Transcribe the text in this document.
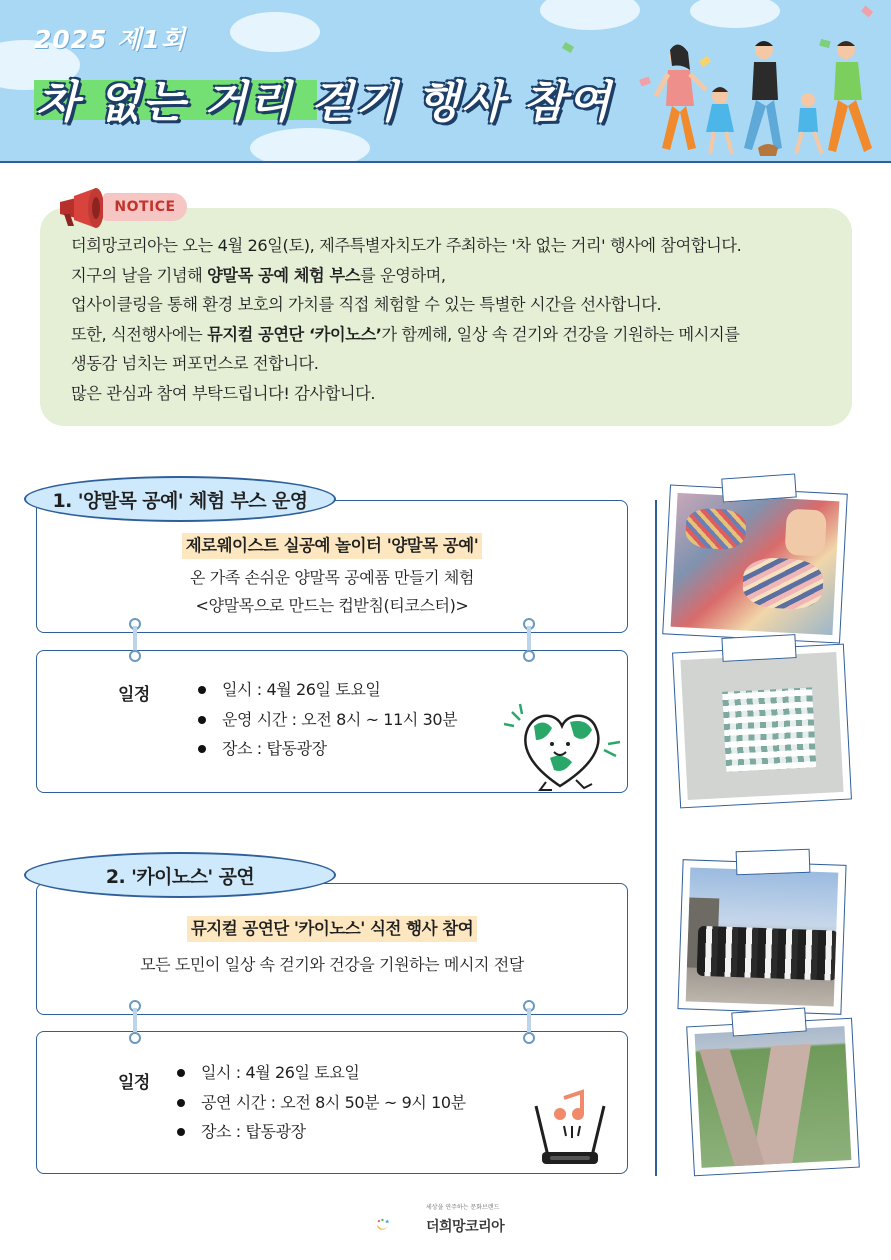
2025 제1회
차 없는 거리 걷기 행사 참여
NOTICE
더희망코리아는 오는 4월 26일(토), 제주특별자치도가 주최하는 '차 없는 거리' 행사에 참여합니다.
지구의 날을 기념해 양말목 공예 체험 부스를 운영하며,
업사이클링을 통해 환경 보호의 가치를 직접 체험할 수 있는 특별한 시간을 선사합니다.
또한, 식전행사에는 뮤지컬 공연단 ‘카이노스’가 함께해, 일상 속 걷기와 건강을 기원하는 메시지를
생동감 넘치는 퍼포먼스로 전합니다.
많은 관심과 참여 부탁드립니다! 감사합니다.
제로웨이스트 실공예 놀이터 '양말목 공예'
온 가족 손쉬운 양말목 공예품 만들기 체험
<양말목으로 만드는 컵받침(티코스터)>
1. '양말목 공예' 체험 부스 운영
일정	일시 : 4월 26일 토요일
운영 시간 : 오전 8시 ~ 11시 30분
장소 : 탑동광장
뮤지컬 공연단 '카이노스' 식전 행사 참여
모든 도민이 일상 속 걷기와 건강을 기원하는 메시지 전달
2. '카이노스' 공연
일정
일시 : 4월 26일 토요일
공연 시간 : 오전 8시 50분 ~ 9시 10분
장소 : 탑동광장
세상을 연주하는 문화브랜드
더희망코리아
